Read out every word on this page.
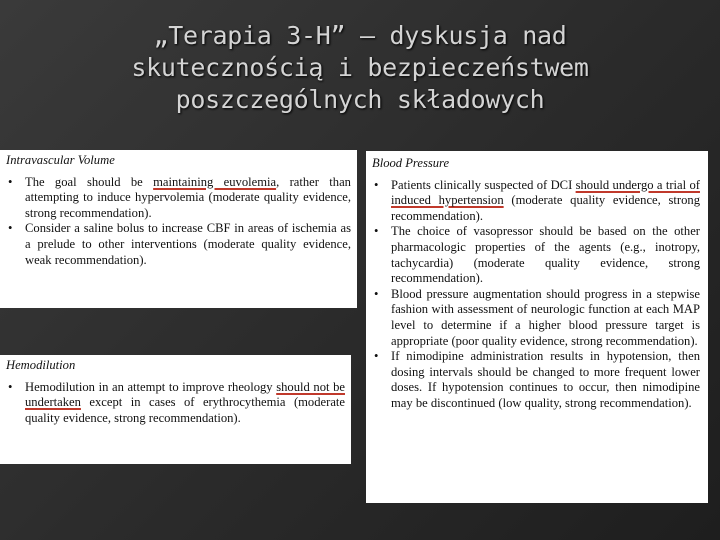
„Terapia 3-H” – dyskusja nad
skutecznością i bezpieczeństwem
poszczególnych składowych
Intravascular Volume
• The goal should be maintaining euvolemia, rather than attempting to induce hypervolemia (moderate quality evidence, strong recommendation).
• Consider a saline bolus to increase CBF in areas of ischemia as a prelude to other interventions (moderate quality evidence, weak recommendation).
Hemodilution
• Hemodilution in an attempt to improve rheology should not be undertaken except in cases of erythrocythemia (moderate quality evidence, strong recommendation).
Blood Pressure
• Patients clinically suspected of DCI should undergo a trial of induced hypertension (moderate quality evidence, strong recommendation).
• The choice of vasopressor should be based on the other pharmacologic properties of the agents (e.g., inotropy, tachycardia) (moderate quality evidence, strong recommendation).
• Blood pressure augmentation should progress in a stepwise fashion with assessment of neurologic function at each MAP level to determine if a higher blood pressure target is appropriate (poor quality evidence, strong recommendation).
• If nimodipine administration results in hypotension, then dosing intervals should be changed to more frequent lower doses. If hypotension continues to occur, then nimodipine may be discontinued (low quality, strong recommendation).
